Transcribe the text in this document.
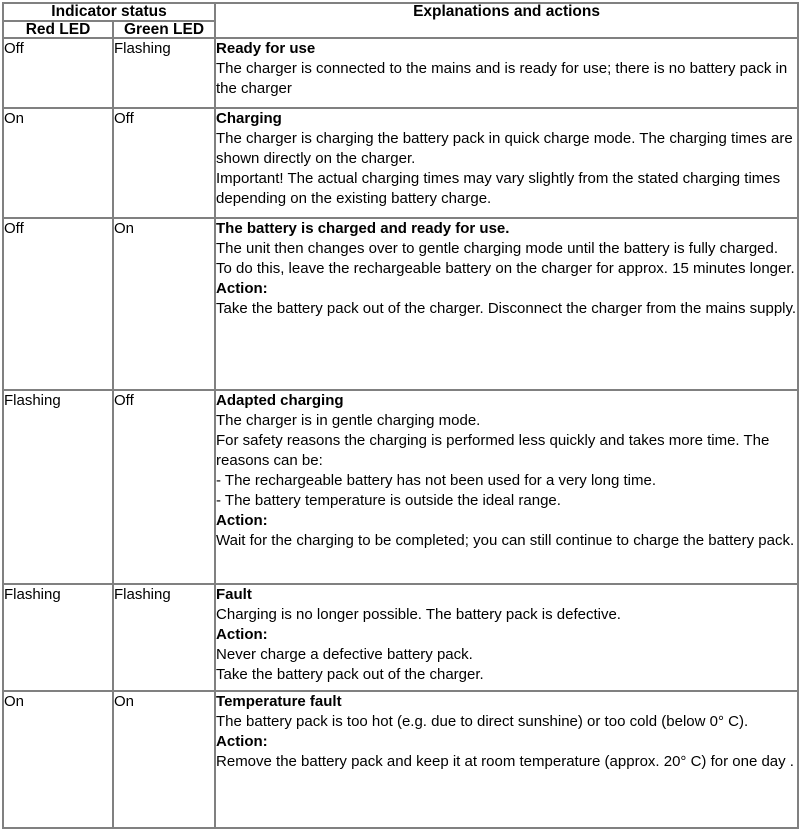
Indicator status		Explanations and actions
Red LED	Green LED	
Off	Flashing	Ready for use
The charger is connected to the mains and is ready for use; there is no battery pack in the charger

On	Off	Charging
The charger is charging the battery pack in quick charge mode. The charging times are shown directly on the charger.
Important! The actual charging times may vary slightly from the stated charging times depending on the existing battery charge.

Off	On	The battery is charged and ready for use.
The unit then changes over to gentle charging mode until the battery is fully charged.
To do this, leave the rechargeable battery on the charger for approx. 15 minutes longer.
Action:
Take the battery pack out of the charger. Disconnect the charger from the mains supply.

Flashing	Off	Adapted charging
The charger is in gentle charging mode.
For safety reasons the charging is performed less quickly and takes more time. The reasons can be:
- The rechargeable battery has not been used for a very long time.
- The battery temperature is outside the ideal range.
Action:
Wait for the charging to be completed; you can still continue to charge the battery pack.

Flashing	Flashing	Fault
Charging is no longer possible. The battery pack is defective.
Action:
Never charge a defective battery pack.
Take the battery pack out of the charger.

On	On	Temperature fault
The battery pack is too hot (e.g. due to direct sunshine) or too cold (below 0° C).
Action:
Remove the battery pack and keep it at room temperature (approx. 20° C) for one day .
